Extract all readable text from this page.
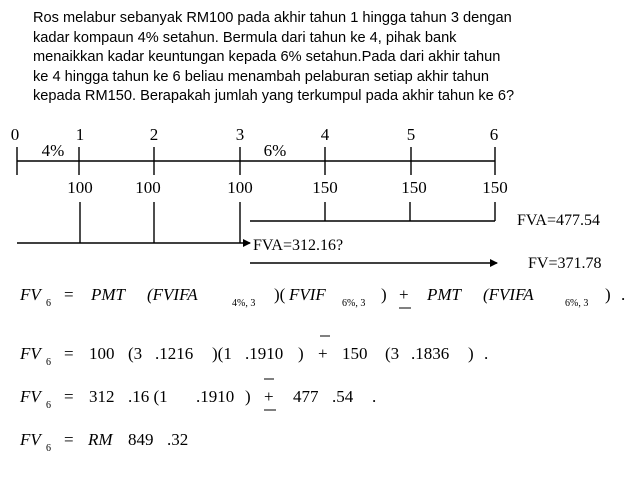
Ros melabur sebanyak RM100 pada akhir tahun 1 hingga tahun 3 dengan
kadar kompaun 4% setahun. Bermula dari tahun ke 4, pihak bank
menaikkan kadar keuntungan kepada 6% setahun.Pada dari akhir tahun
ke 4 hingga tahun ke 6 beliau menambah pelaburan setiap akhir tahun
kepada RM150. Berapakah jumlah yang terkumpul pada akhir tahun ke 6?
0	1	2	3	4	5	6
4%	6%
100	100	100	150	150	150
FVA=477.54
FVA=312.16?
FV=371.78
FV = PMT (FVIFA	)( FVIF	) + PMT (FVIFA	) .
6	4%, 3	6%, 3	6%, 3
FV = 100 (3 .1216 )(1 .1910 ) + 150 (3 .1836 ) .
6
FV = 312 .16 (1 .1910 ) + 477 .54 .
6
FV = RM 849 .32
6
